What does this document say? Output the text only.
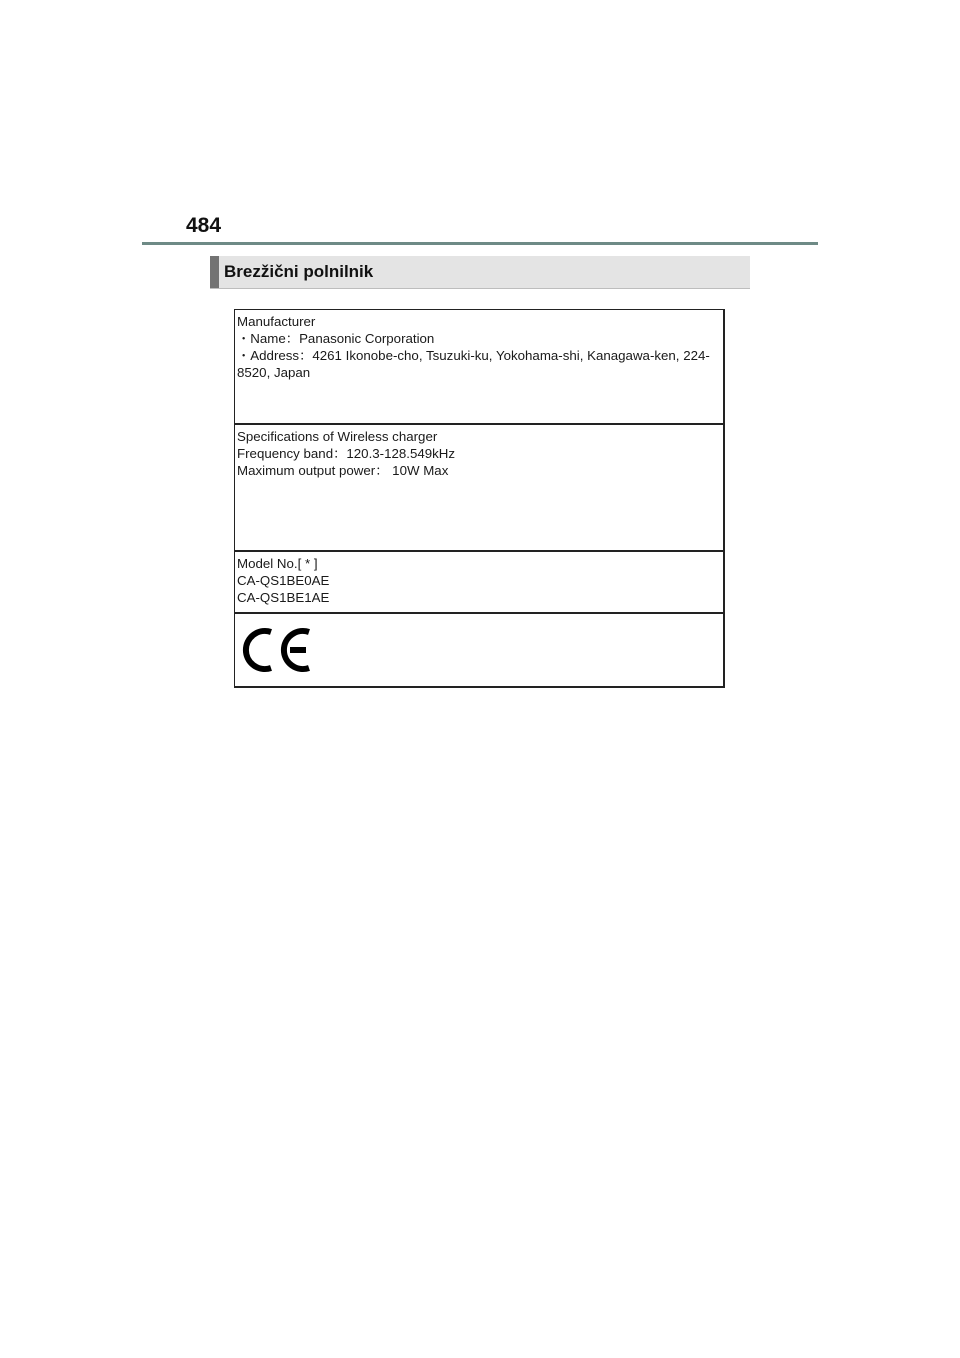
484
Brezžični polnilnik
Manufacturer
・Name：Panasonic Corporation
・Address：4261 Ikonobe-cho, Tsuzuki-ku, Yokohama-shi, Kanagawa-ken, 224-8520, Japan
Specifications of Wireless charger
Frequency band：120.3-128.549kHz
Maximum output power： 10W Max
Model No.[ * ]
CA-QS1BE0AE
CA-QS1BE1AE
